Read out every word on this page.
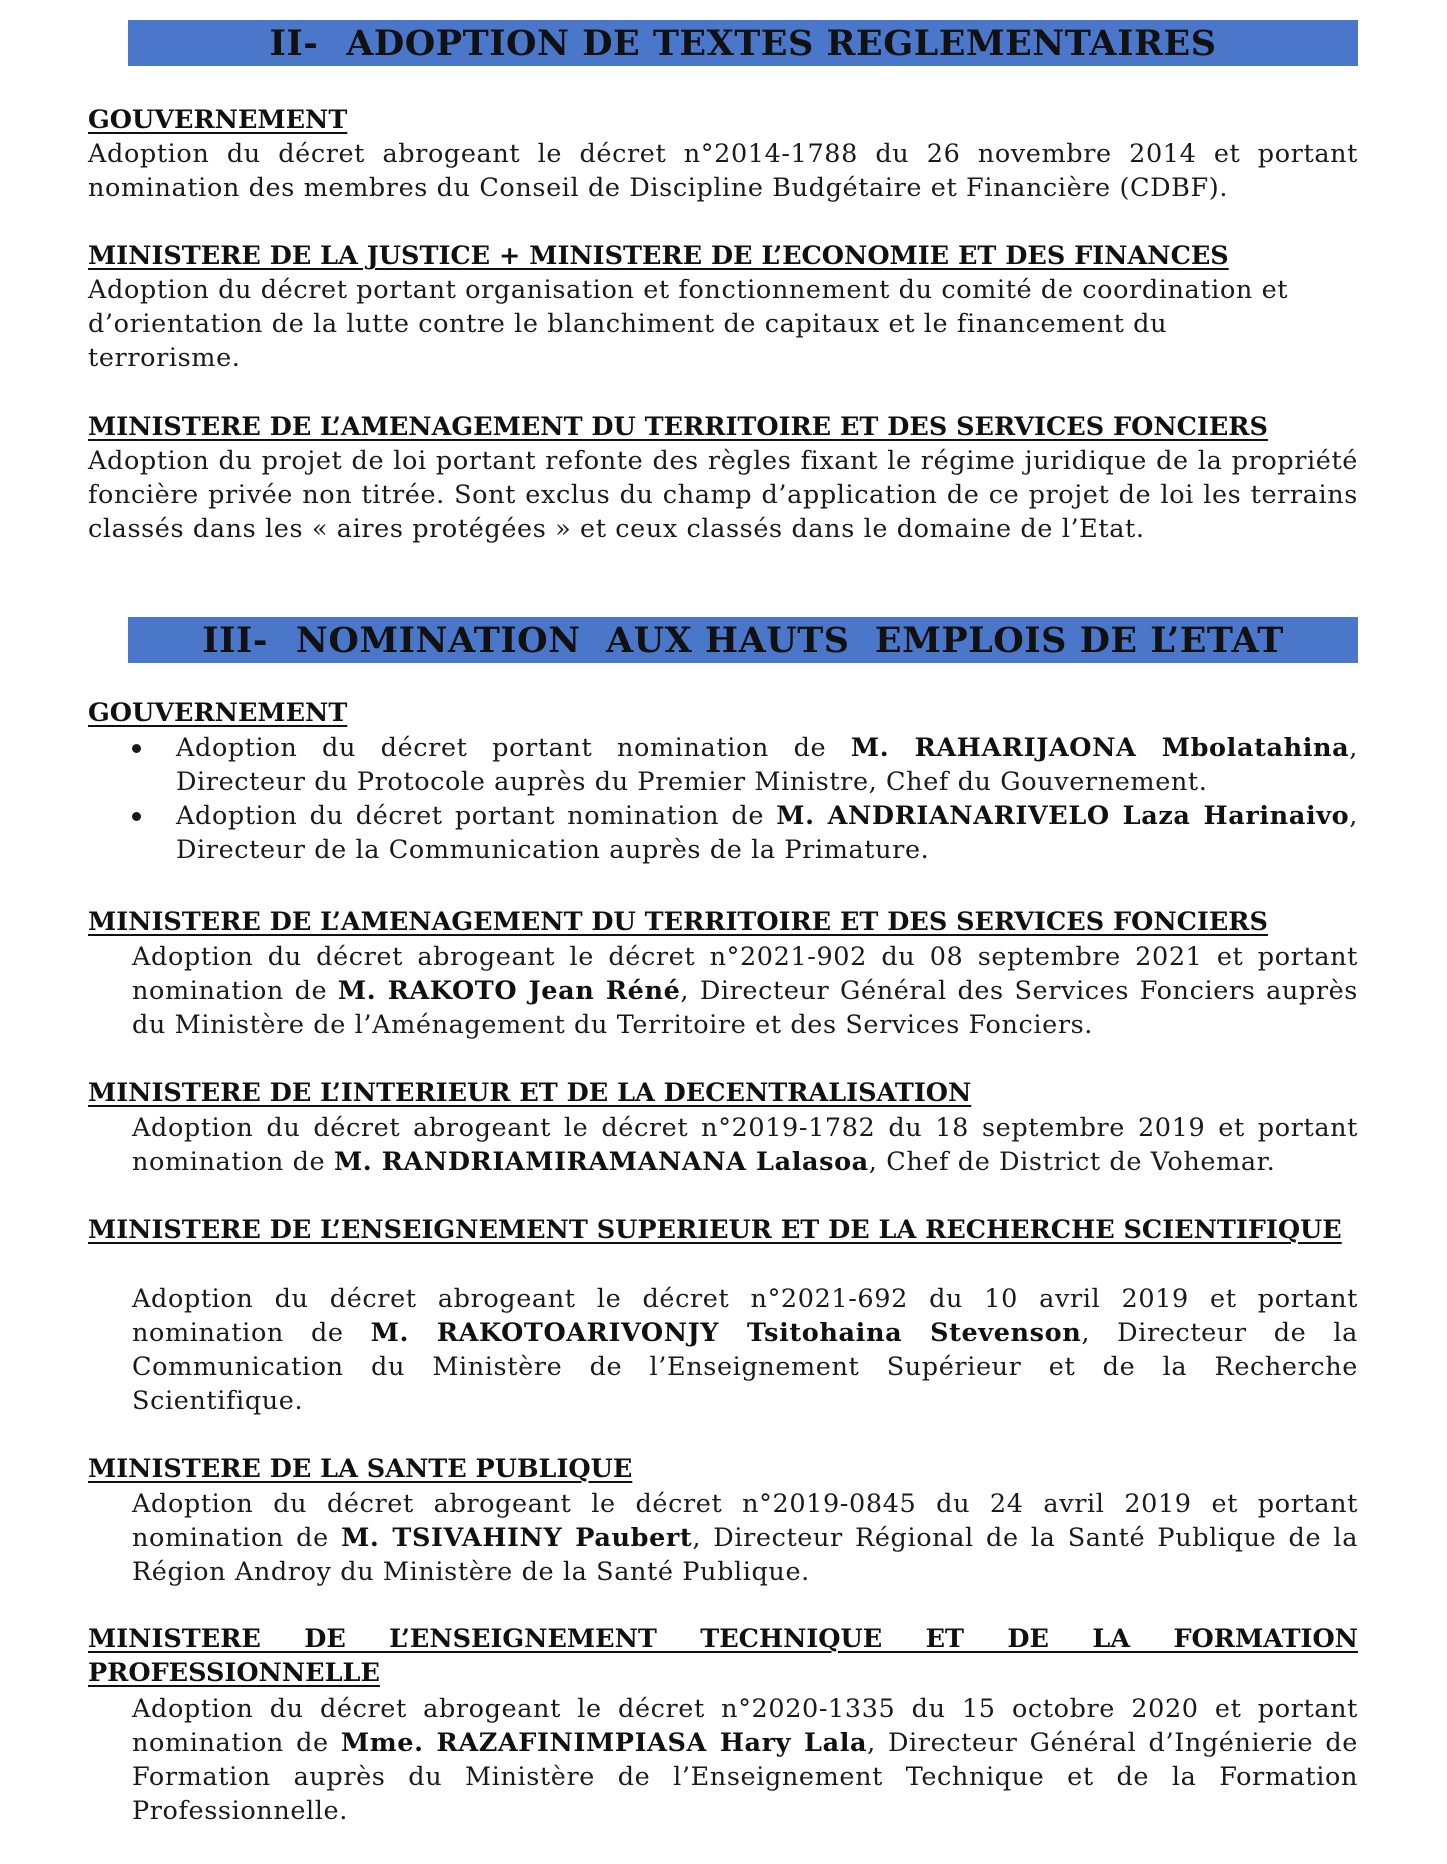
II- ADOPTION DE TEXTES REGLEMENTAIRES
GOUVERNEMENT
Adoption du décret abrogeant le décret n°2014-1788 du 26 novembre 2014 et portant nomination des membres du Conseil de Discipline Budgétaire et Financière (CDBF).
MINISTERE DE LA JUSTICE + MINISTERE DE L’ECONOMIE ET DES FINANCES
Adoption du décret portant organisation et fonctionnement du comité de coordination et
d’orientation de la lutte contre le blanchiment de capitaux et le financement du
terrorisme.
MINISTERE DE L’AMENAGEMENT DU TERRITOIRE ET DES SERVICES FONCIERS
Adoption du projet de loi portant refonte des règles fixant le régime juridique de la propriété foncière privée non titrée. Sont exclus du champ d’application de ce projet de loi les terrains classés dans les « aires protégées » et ceux classés dans le domaine de l’Etat.
III- NOMINATION  AUX HAUTS  EMPLOIS DE L’ETAT
GOUVERNEMENT
Adoption du décret portant nomination de M. RAHARIJAONA Mbolatahina, Directeur du Protocole auprès du Premier Ministre, Chef du Gouvernement.
Adoption du décret portant nomination de M. ANDRIANARIVELO Laza Harinaivo, Directeur de la Communication auprès de la Primature.
MINISTERE DE L’AMENAGEMENT DU TERRITOIRE ET DES SERVICES FONCIERS
Adoption du décret abrogeant le décret n°2021-902 du 08 septembre 2021 et portant nomination de M. RAKOTO Jean Réné, Directeur Général des Services Fonciers auprès du Ministère de l’Aménagement du Territoire et des Services Fonciers.
MINISTERE DE L’INTERIEUR ET DE LA DECENTRALISATION
Adoption du décret abrogeant le décret n°2019-1782 du 18 septembre 2019 et portant nomination de M. RANDRIAMIRAMANANA Lalasoa, Chef de District de Vohemar.
MINISTERE DE L’ENSEIGNEMENT SUPERIEUR ET DE LA RECHERCHE SCIENTIFIQUE
Adoption du décret abrogeant le décret n°2021-692 du 10 avril 2019 et portant nomination de M. RAKOTOARIVONJY Tsitohaina Stevenson, Directeur de la Communication du Ministère de l’Enseignement Supérieur et de la Recherche Scientifique.
MINISTERE DE LA SANTE PUBLIQUE
Adoption du décret abrogeant le décret n°2019-0845 du 24 avril 2019 et portant nomination de M. TSIVAHINY Paubert, Directeur Régional de la Santé Publique de la Région Androy du Ministère de la Santé Publique.
MINISTERE DE L’ENSEIGNEMENT TECHNIQUE ET DE LA FORMATION PROFESSIONNELLE
Adoption du décret abrogeant le décret n°2020-1335 du 15 octobre 2020 et portant nomination de Mme. RAZAFINIMPIASA Hary Lala, Directeur Général d’Ingénierie de Formation auprès du Ministère de l’Enseignement Technique et de la Formation Professionnelle.
